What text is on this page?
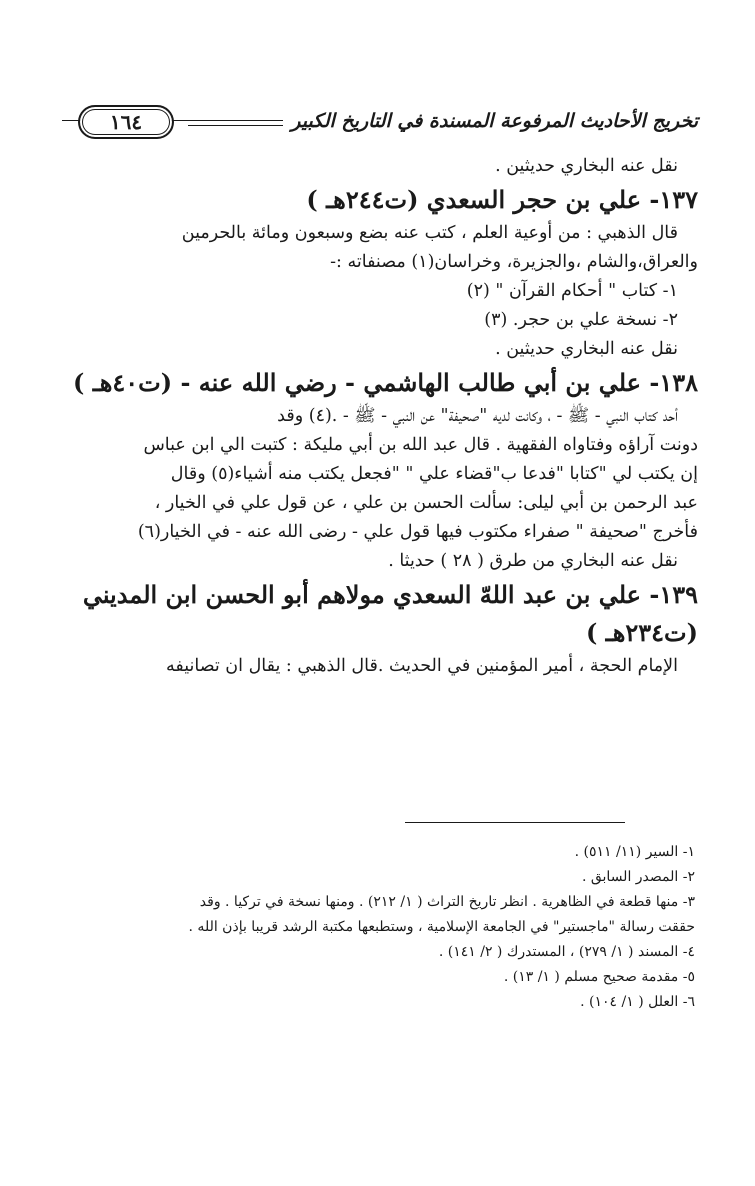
١٦٤	تخريج الأحاديث المرفوعة المسندة في التاريخ الكبير
نقل عنه البخاري حديثين .
١٣٧- علي بن حجر السعدي (ت٢٤٤هـ )
قال الذهبي : من أوعية العلم ، كتب عنه بضع وسبعون ومائة بالحرمين
والعراق،والشام ،والجزيرة، وخراسان(١) مصنفاته :-
١- كتاب " أحكام القرآن " (٢)
٢- نسخة علي بن حجر. (٣)
نقل عنه البخاري حديثين .
١٣٨- علي بن أبي طالب الهاشمي - رضي الله عنه - (ت٤٠هـ )
أحد كتاب النبي - ﷺ - ، وكانت لديه "صحيفة" عن النبي - ﷺ - .(٤) وقد
دونت آراؤه وفتاواه الفقهية . قال عبد الله بن أبي مليكة : كتبت الي ابن عباس
إن يكتب لي "كتابا "فدعا ب"قضاء علي " "فجعل يكتب منه أشياء(٥) وقال
عبد الرحمن بن أبي ليلى: سألت الحسن بن علي ، عن قول علي في الخيار ،
فأخرج "صحيفة " صفراء مكتوب فيها قول علي - رضى الله عنه - في الخيار(٦)
نقل عنه البخاري من طرق ( ٢٨ ) حديثا .
١٣٩- علي بن عبد اللهّ السعدي مولاهم أبو الحسن ابن المديني
(ت٢٣٤هـ )
الإمام الحجة ، أمير المؤمنين في الحديث .قال الذهبي : يقال ان تصانيفه
١- السير (١١/ ٥١١) .
٢- المصدر السابق .
٣- منها قطعة في الظاهرية . انظر تاريخ التراث ( ١/ ٢١٢) . ومنها نسخة في تركيا . وقد
حققت رسالة "ماجستير" في الجامعة الإسلامية ، وستطبعها مكتبة الرشد قريبا بإذن الله .
٤- المسند ( ١/ ٢٧٩) ، المستدرك ( ٢/ ١٤١) .
٥- مقدمة صحيح مسلم ( ١/ ١٣) .
٦- العلل ( ١/ ١٠٤) .
